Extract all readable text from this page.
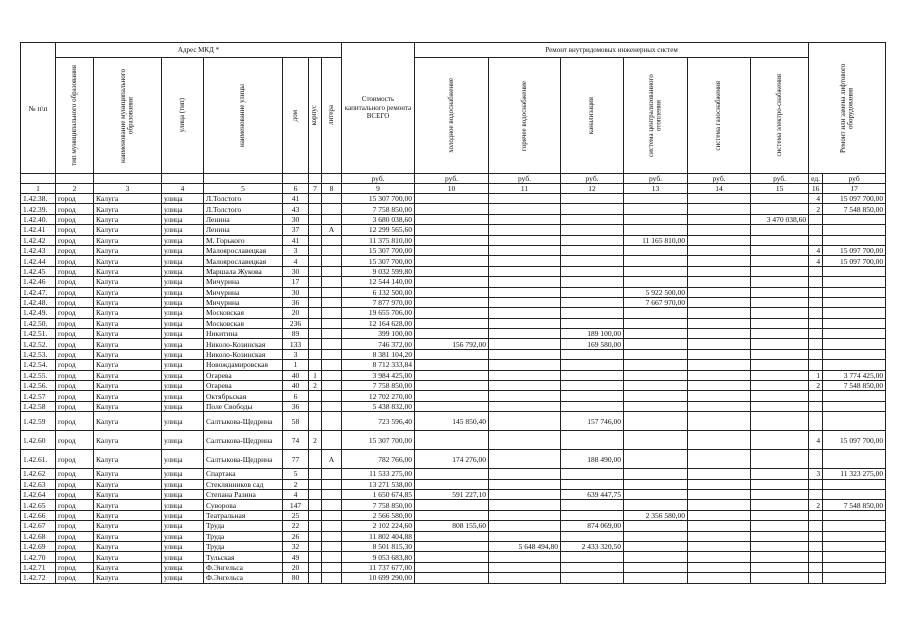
№ п\п	Адрес МКД *							Стоимость капитального ремонта ВСЕГО	Ремонт внутридомовых инженерных систем						Ремонт или замена лифтового оборудования	

	тип муниципального образования	наименование муниципального образования	улица (тип)	наименование улицы	дом	корпус	литера		холодное водоснабжение	горячее водоснабжение	канализация	система централизованного отопления	система газоснабжения	система электро-снабжения		

								руб.	руб.	руб.	руб.	руб.	руб.	руб.	ед.	руб
1	2	3	4	5	6	7	8	9	10	11	12	13	14	15	16	17
1.42.38.	город	Калуга	улица	Л.Толстого	41			15 307 700,00							4	15 097 700,00
1.42.39.	город	Калуга	улица	Л.Толстого	43			7 758 850,00							2	7 548 850,00
1.42.40.	город	Калуга	улица	Ленина	30			3 680 038,60						3 470 038,60		
1.42.41	город	Калуга	улица	Ленина	37		А	12 299 565,60								
1.42.42	город	Калуга	улица	М. Горького	41			11 375 810,00				11 165 810,00				
1.42.43	город	Калуга	улица	Малоярославецкая	3			15 307 700,00							4	15 097 700,00
1.42.44	город	Калуга	улица	Малоярославецкая	4			15 307 700,00							4	15 097 700,00
1.42.45	город	Калуга	улица	Маршала Жукова	30			9 032 599,80								
1.42.46	город	Калуга	улица	Мичурина	17			12 544 140,00								
1.42.47.	город	Калуга	улица	Мичурина	30			6 132 500,00				5 922 500,00				
1.42.48.	город	Калуга	улица	Мичурина	36			7 877 970,00				7 667 970,00				
1.42.49.	город	Калуга	улица	Московская	20			19 655 706,00								
1.42.50.	город	Калуга	улица	Московская	236			12 164 628,00								
1.42.51.	город	Калуга	улица	Никитина	89			399 100,00			189 100,00					
1.42.52.	город	Калуга	улица	Николо-Козинская	133			746 372,00	156 792,00		169 580,00					
1.42.53.	город	Калуга	улица	Николо-Козинская	3			8 381 104,20								
1.42.54.	город	Калуга	улица	Новождамировская	1			8 712 333,84								
1.42.55.	город	Калуга	улица	Огарева	40	1		3 984 425,00							1	3 774 425,00
1.42.56.	город	Калуга	улица	Огарева	40	2		7 758 850,00							2	7 548 850,00
1.42.57	город	Калуга	улица	Октябрьская	6			12 702 270,00								
1.42.58	город	Калуга	улица	Поле Свободы	36			5 438 832,00								
1.42.59	город	Калуга	улица	Салтыкова-Щедрина	58			723 596,40	145 850,40		157 746,00					
1.42.60	город	Калуга	улица	Салтыкова-Щедрина	74	2		15 307 700,00							4	15 097 700,00
1.42.61.	город	Калуга	улица	Салтыкова-Щедрина	77		А	782 766,00	174 276,00		188 490,00					
1.42.62	город	Калуга	улица	Спартака	5			11 533 275,00							3	11 323 275,00
1.42.63	город	Калуга	улица	Стеклянников сад	2			13 271 538,00								
1.42.64	город	Калуга	улица	Степана Разина	4			1 650 674,85	591 227,10		639 447,75					
1.42.65	город	Калуга	улица	Суворова	147			7 758 850,00							2	7 548 850,00
1.42.66	город	Калуга	улица	Театральная	25			2 566 580,00				2 356 580,00				
1.42.67	город	Калуга	улица	Труда	22			2 102 224,60	808 155,60		874 069,00					
1.42.68	город	Калуга	улица	Труда	26			11 802 404,88								
1.42.69	город	Калуга	улица	Труда	32			8 501 815,30		5 648 494,80	2 433 320,50					
1.42.70	город	Калуга	улица	Тульская	49			9 053 683,80								
1.42.71	город	Калуга	улица	Ф.Энгельса	20			11 737 677,00								
1.42.72	город	Калуга	улица	Ф.Энгельса	80			10 699 290,00								
